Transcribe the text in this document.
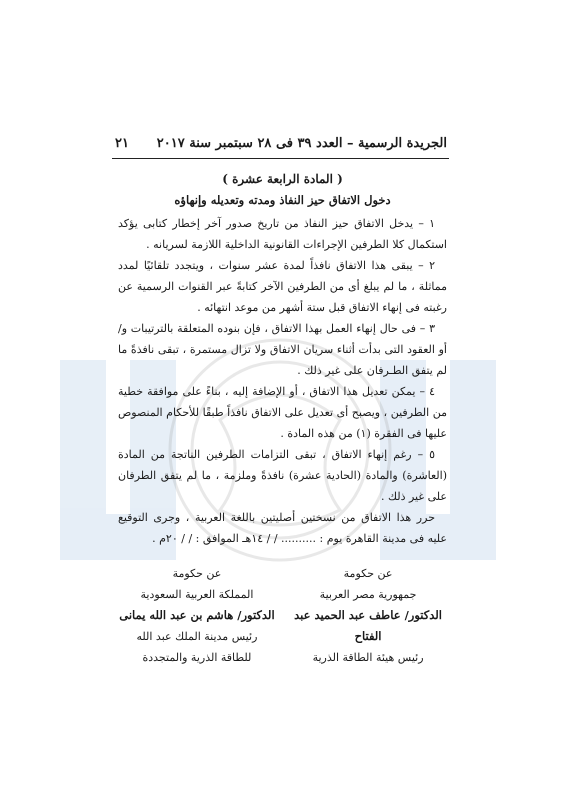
الجريدة الرسمية – العدد ٣٩ فى ٢٨ سبتمبر سنة ٢٠١٧
٢١

( المادة الرابعة عشرة )

دخول الاتفاق حيز النفاذ ومدته وتعديله وإنهاؤه

١ – يدخل الاتفاق حيز النفاذ من تاريخ صدور آخر إخطار كتابى يؤكد استكمال كلا الطرفين الإجراءات القانونية الداخلية اللازمة لسريانه .

٢ – يبقى هذا الاتفاق نافذاً لمدة عشر سنوات ، ويتجدد تلقائيًا لمدد مماثلة ، ما لم يبلغ أى من الطرفين الآخر كتابةً عبر القنوات الرسمية عن رغبته فى إنهاء الاتفاق قبل ستة أشهر من موعد انتهائه .

٣ – فى حال إنهاء العمل بهذا الاتفاق ، فإن بنوده المتعلقة بالترتيبات و/أو العقود التى بدأت أثناء سريان الاتفاق ولا تزال مستمرة ، تبقى نافذةً ما لم يتفق الطـرفان على غير ذلك .

٤ – يمكن تعديل هذا الاتفاق ، أو الإضافة إليه ، بناءً على موافقة خطية من الطرفين ، ويصبح أى تعديل على الاتفاق نافذاً طبقًا للأحكام المنصوص عليها فى الفقرة (١) من هذه المادة .

٥ – رغم إنهاء الاتفاق ، تبقى التزامات الطرفين الناتجة من المادة (العاشرة) والمادة (الحادية عشرة) نافذةً وملزمة ، ما لم يتفق الطرفان على غير ذلك .

حرر هذا الاتفاق من نسختين أصليتين باللغة العربية ، وجرى التوقيع عليه فى مدينة القاهرة يوم : .......... / / ١٤هـ الموافق : / / ٢٠م .

عن حكومة
جمهورية مصر العربية
الدكتور/ عاطف عبد الحميد عبد الفتاح
رئيس هيئة الطاقة الذرية
عن حكومة
المملكة العربية السعودية
الدكتور/ هاشم بن عبد الله يمانى
رئيس مدينة الملك عبد الله
للطاقة الذرية والمتجددة
